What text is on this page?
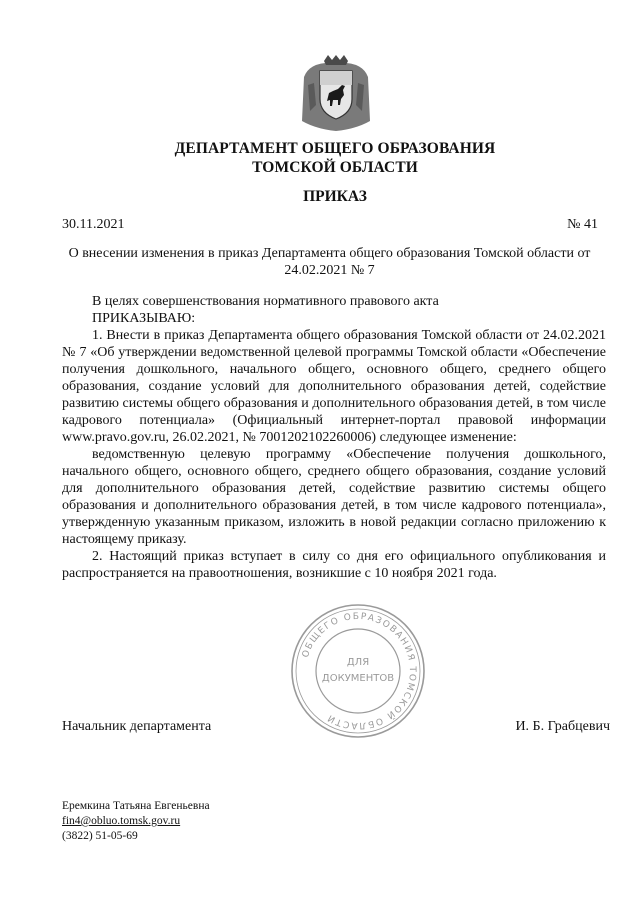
ДЕПАРТАМЕНТ ОБЩЕГО ОБРАЗОВАНИЯ
ТОМСКОЙ ОБЛАСТИ
ПРИКАЗ
30.11.2021	№ 41
О внесении изменения в приказ Департамента общего образования Томской области от 24.02.2021 № 7

В целях совершенствования нормативного правового акта

ПРИКАЗЫВАЮ:

1. Внести в приказ Департамента общего образования Томской области от 24.02.2021 № 7 «Об утверждении ведомственной целевой программы Томской области «Обеспечение получения дошкольного, начального общего, основного общего, среднего общего образования, создание условий для дополнительного образования детей, содействие развитию системы общего образования и дополнительного образования детей, в том числе кадрового потенциала» (Официальный интернет-портал правовой информации www.pravo.gov.ru, 26.02.2021, № 7001202102260006) следующее изменение:

ведомственную целевую программу «Обеспечение получения дошкольного, начального общего, основного общего, среднего общего образования, создание условий для дополнительного образования детей, содействие развитию системы общего образования и дополнительного образования детей, в том числе кадрового потенциала», утвержденную указанным приказом, изложить в новой редакции согласно приложению к настоящему приказу.

2. Настоящий приказ вступает в силу со дня его официального опубликования и распространяется на правоотношения, возникшие с 10 ноября 2021 года.

ОБЩЕГО ОБРАЗОВАНИЯ ТОМСКОЙ ОБЛАСТИ
ДЛЯ
ДОКУМЕНТОВ
Начальник департамента	И. Б. Грабцевич
Еремкина Татьяна Евгеньевна
fin4@obluo.tomsk.gov.ru
(3822) 51-05-69
